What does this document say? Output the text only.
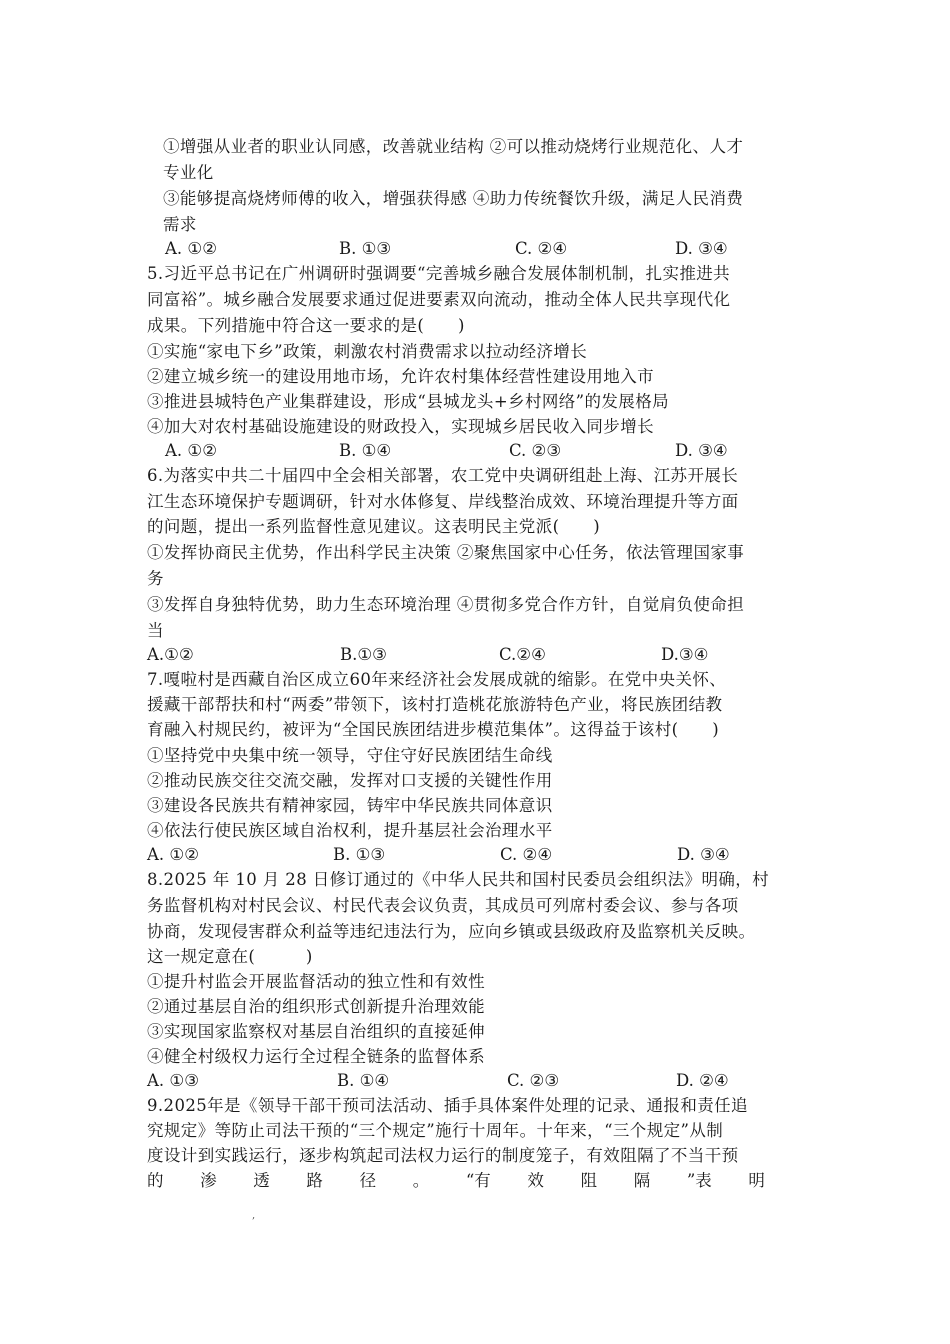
①增强从业者的职业认同感，改善就业结构 ②可以推动烧烤行业规范化、人才
专业化
③能够提高烧烤师傅的收入，增强获得感 ④助力传统餐饮升级，满足人民消费
需求
A. ①②	B. ①③	C. ②④	D. ③④
5.习近平总书记在广州调研时强调要“完善城乡融合发展体制机制，扎实推进共
同富裕”。城乡融合发展要求通过促进要素双向流动，推动全体人民共享现代化
成果。下列措施中符合这一要求的是(　　)
①实施“家电下乡”政策，刺激农村消费需求以拉动经济增长
②建立城乡统一的建设用地市场，允许农村集体经营性建设用地入市
③推进县城特色产业集群建设，形成“县城龙头+乡村网络”的发展格局
④加大对农村基础设施建设的财政投入，实现城乡居民收入同步增长
A. ①②	B. ①④	C. ②③	D. ③④
6.为落实中共二十届四中全会相关部署，农工党中央调研组赴上海、江苏开展长
江生态环境保护专题调研，针对水体修复、岸线整治成效、环境治理提升等方面
的问题，提出一系列监督性意见建议。这表明民主党派(　　)
①发挥协商民主优势，作出科学民主决策 ②聚焦国家中心任务，依法管理国家事
务
③发挥自身独特优势，助力生态环境治理 ④贯彻多党合作方针，自觉肩负使命担
当
A.①②	B.①③	C.②④	D.③④
7.嘎啦村是西藏自治区成立60年来经济社会发展成就的缩影。在党中央关怀、
援藏干部帮扶和村“两委”带领下，该村打造桃花旅游特色产业，将民族团结教
育融入村规民约，被评为“全国民族团结进步模范集体”。这得益于该村(　　)
①坚持党中央集中统一领导，守住守好民族团结生命线
②推动民族交往交流交融，发挥对口支援的关键性作用
③建设各民族共有精神家园，铸牢中华民族共同体意识
④依法行使民族区域自治权利，提升基层社会治理水平
A. ①②	B. ①③	C. ②④	D. ③④
8.2025 年 10 月 28 日修订通过的《中华人民共和国村民委员会组织法》明确，村
务监督机构对村民会议、村民代表会议负责，其成员可列席村委会议、参与各项
协商，发现侵害群众利益等违纪违法行为，应向乡镇或县级政府及监察机关反映。
这一规定意在(　　　)
①提升村监会开展监督活动的独立性和有效性
②通过基层自治的组织形式创新提升治理效能
③实现国家监察权对基层自治组织的直接延伸
④健全村级权力运行全过程全链条的监督体系
A. ①③	B. ①④	C. ②③	D. ②④
9.2025年是《领导干部干预司法活动、插手具体案件处理的记录、通报和责任追
究规定》等防止司法干预的“三个规定”施行十周年。十年来，“三个规定”从制
度设计到实践运行，逐步构筑起司法权力运行的制度笼子，有效阻隔了不当干预
的 渗 透 路 径 。 “有 效 阻 隔 ”表 明
,
